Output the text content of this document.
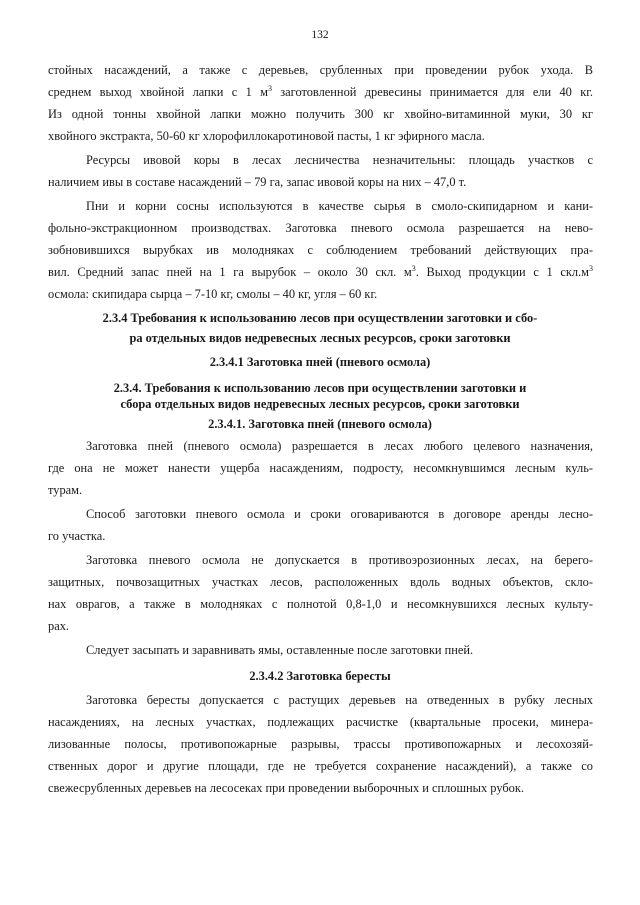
132
стойных насаждений, а также с деревьев, срубленных при проведении рубок ухода. В
среднем выход хвойной лапки с 1 $м^3$ заготовленной древесины принимается для ели 40 кг.
Из одной тонны хвойной лапки можно получить 300 кг хвойно-витаминной муки, 30 кг
хвойного экстракта, 50-60 кг хлорофиллокаротиновой пасты, 1 кг эфирного масла.
Ресурсы ивовой коры в лесах лесничества незначительны: площадь участков с
наличием ивы в составе насаждений – 79 га, запас ивовой коры на них – 47,0 т.
Пни и корни сосны используются в качестве сырья в смоло-скипидарном и кани-
фольно-экстракционном производствах. Заготовка пневого осмола разрешается на нево-
зобновившихся вырубках ив молодняках с соблюдением требований действующих пра-
вил. Средний запас пней на 1 га вырубок – около 30 скл. $м^3$. Выход продукции с 1 $скл.м^3$
осмола: скипидара сырца – 7-10 кг, смолы – 40 кг, угля – 60 кг.
2.3.4 Требования к использованию лесов при осуществлении заготовки и сбо-
ра отдельных видов недревесных лесных ресурсов, сроки заготовки
2.3.4.1 Заготовка пней (пневого осмола)
2.3.4. Требования к использованию лесов при осуществлении заготовки и
сбора отдельных видов недревесных лесных ресурсов, сроки заготовки
2.3.4.1. Заготовка пней (пневого осмола)
Заготовка пней (пневого осмола) разрешается в лесах любого целевого назначения,
где она не может нанести ущерба насаждениям, подросту, несомкнувшимся лесным куль-
турам.
Способ заготовки пневого осмола и сроки оговариваются в договоре аренды лесно-
го участка.
Заготовка пневого осмола не допускается в противоэрозионных лесах, на берего-
защитных, почвозащитных участках лесов, расположенных вдоль водных объектов, скло-
нах оврагов, а также в молодняках с полнотой 0,8-1,0 и несомкнувшихся лесных культу-
рах.
Следует засыпать и заравнивать ямы, оставленные после заготовки пней.
2.3.4.2 Заготовка бересты
Заготовка бересты допускается с растущих деревьев на отведенных в рубку лесных
насаждениях, на лесных участках, подлежащих расчистке (квартальные просеки, минера-
лизованные полосы, противопожарные разрывы, трассы противопожарных и лесохозяй-
ственных дорог и другие площади, где не требуется сохранение насаждений), а также со
свежесрубленных деревьев на лесосеках при проведении выборочных и сплошных рубок.
